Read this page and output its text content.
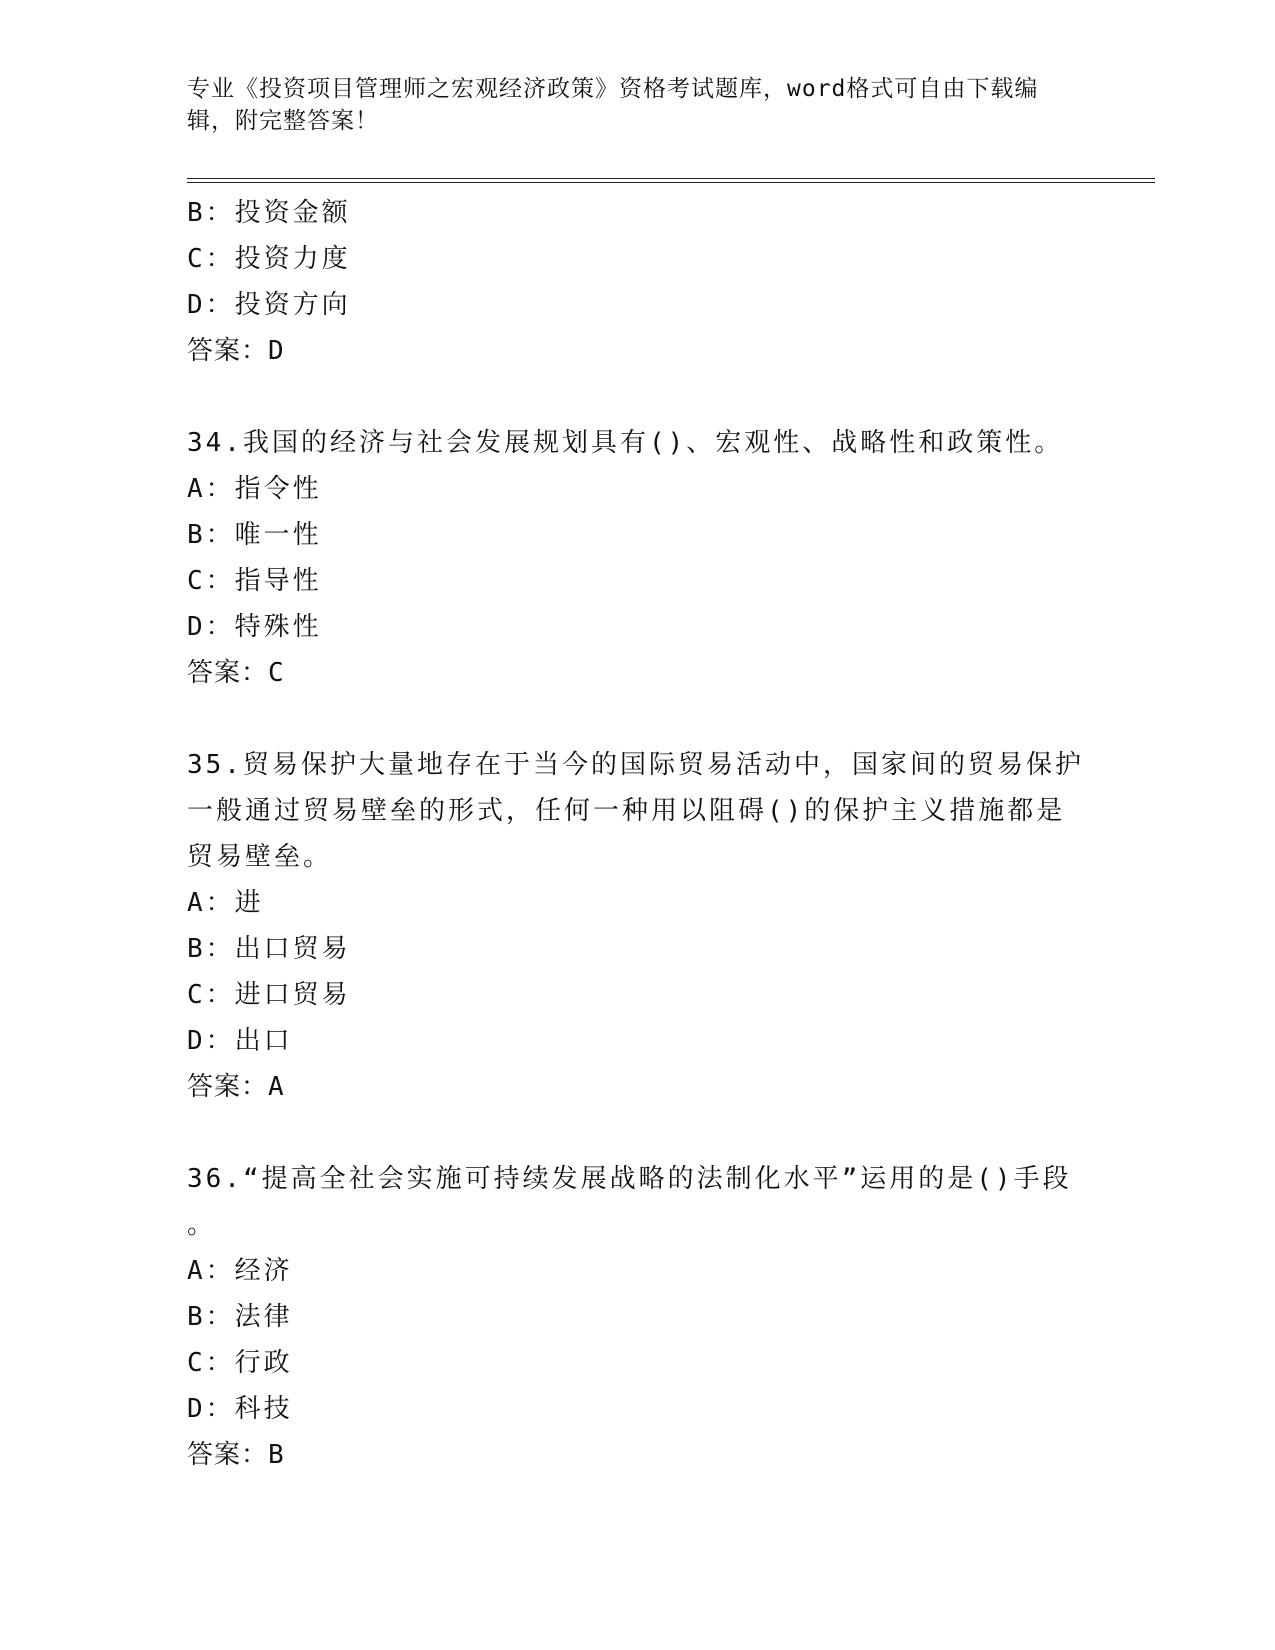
专业《投资项目管理师之宏观经济政策》资格考试题库，word格式可自由下载编
辑，附完整答案！

B：投资金额

C：投资力度

D：投资方向

答案：D

34.我国的经济与社会发展规划具有()、宏观性、战略性和政策性。

A：指令性

B：唯一性

C：指导性

D：特殊性

答案：C

35.贸易保护大量地存在于当今的国际贸易活动中，国家间的贸易保护

一般通过贸易壁垒的形式，任何一种用以阻碍()的保护主义措施都是

贸易壁垒。

A：进

B：出口贸易

C：进口贸易

D：出口

答案：A

36.“提高全社会实施可持续发展战略的法制化水平”运用的是()手段

。

A：经济

B：法律

C：行政

D：科技

答案：B
